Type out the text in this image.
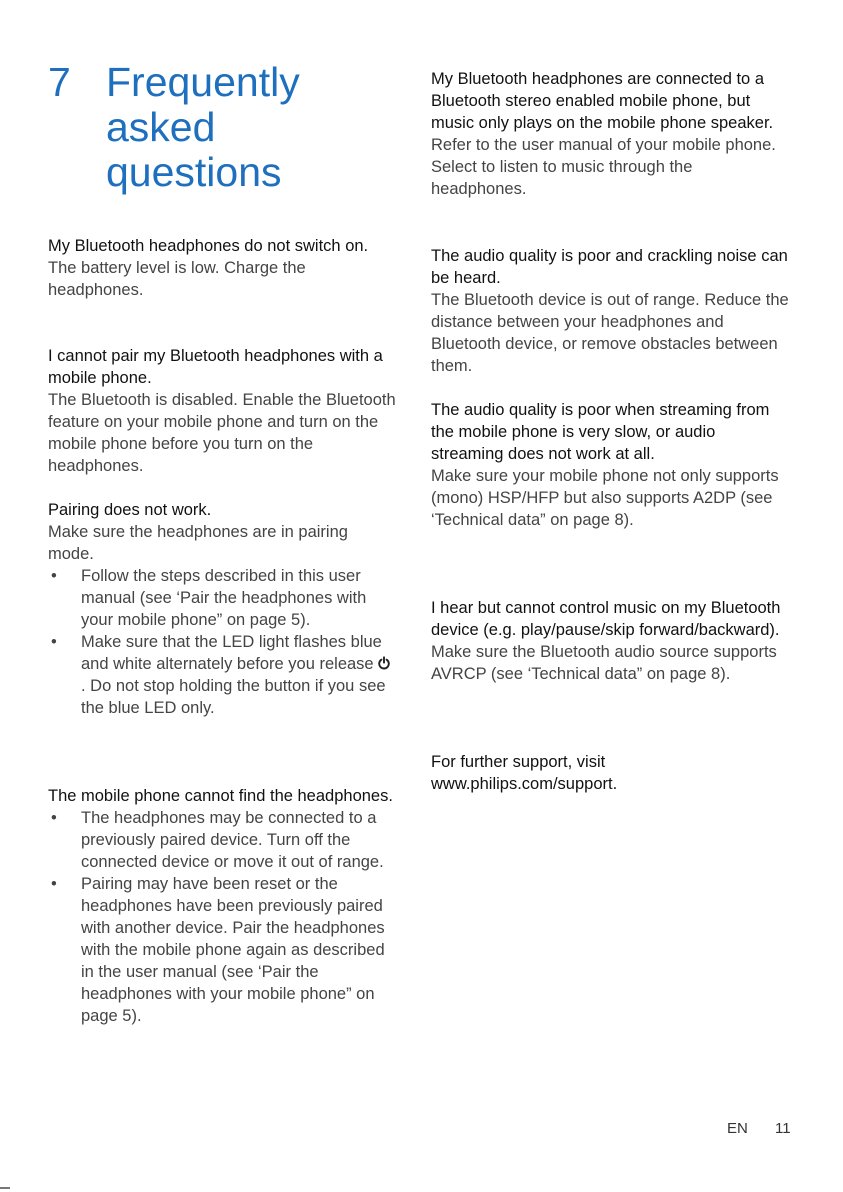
7 Frequently asked questions

My Bluetooth headphones do not switch on.

The battery level is low. Charge the headphones.

I cannot pair my Bluetooth headphones with a mobile phone.

The Bluetooth is disabled. Enable the Bluetooth feature on your mobile phone and turn on the mobile phone before you turn on the headphones.

Pairing does not work.

Make sure the headphones are in pairing mode.

• Follow the steps described in this user manual (see ‘Pair the headphones with your mobile phone” on page 5).
• Make sure that the LED light flashes blue and white alternately before you release. Do not stop holding the button if you see the blue LED only.

The mobile phone cannot find the headphones.

• The headphones may be connected to a previously paired device. Turn off the connected device or move it out of range.
• Pairing may have been reset or the headphones have been previously paired with another device. Pair the headphones with the mobile phone again as described in the user manual (see ‘Pair the headphones with your mobile phone” on page 5).

My Bluetooth headphones are connected to a Bluetooth stereo enabled mobile phone, but music only plays on the mobile phone speaker.

Refer to the user manual of your mobile phone. Select to listen to music through the headphones.

The audio quality is poor and crackling noise can be heard.

The Bluetooth device is out of range. Reduce the distance between your headphones and Bluetooth device, or remove obstacles between them.

The audio quality is poor when streaming from the mobile phone is very slow, or audio streaming does not work at all.

Make sure your mobile phone not only supports (mono) HSP/HFP but also supports A2DP (see ‘Technical data” on page 8).

I hear but cannot control music on my Bluetooth device (e.g. play/pause/skip forward/backward).

Make sure the Bluetooth audio source supports AVRCP (see ‘Technical data” on page 8).

For further support, visit www.philips.com/support.

EN 11
